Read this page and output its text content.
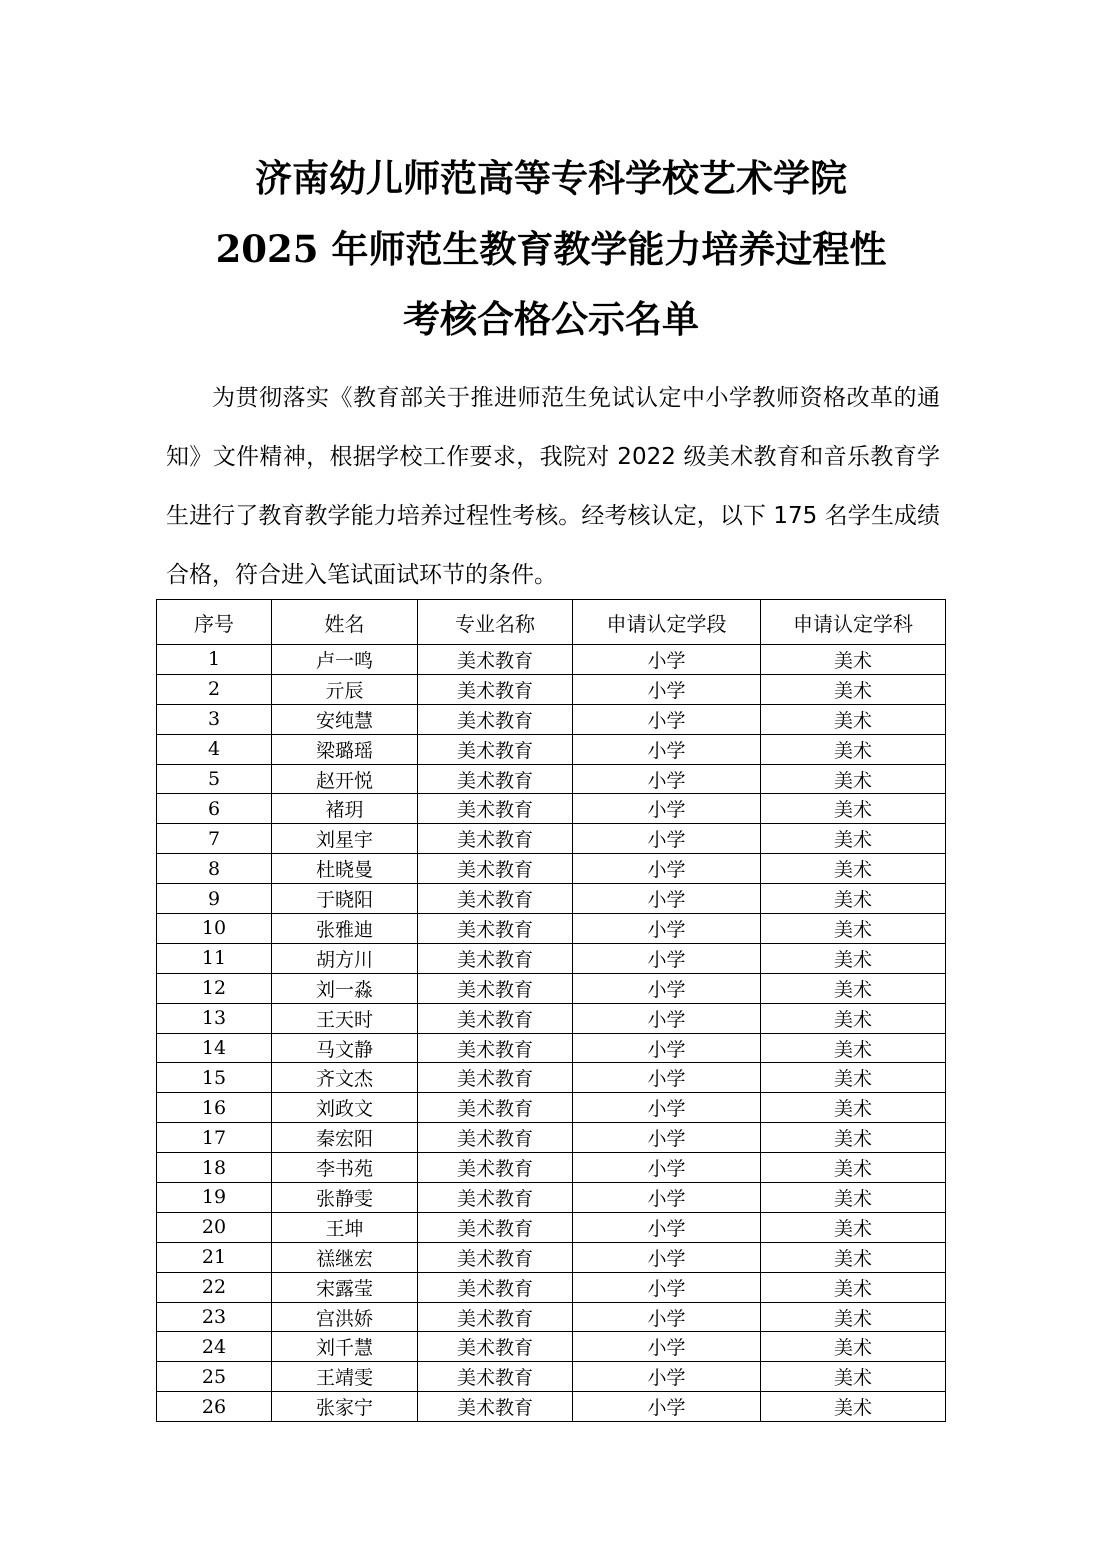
济南幼儿师范高等专科学校艺术学院
2025 年师范生教育教学能力培养过程性
考核合格公示名单

为贯彻落实《教育部关于推进师范生免试认定中小学教师资格改革的通知》文件精神，根据学校工作要求，我院对 2022 级美术教育和音乐教育学生进行了教育教学能力培养过程性考核。经考核认定，以下 175 名学生成绩合格，符合进入笔试面试环节的条件。

序号	姓名	专业名称	申请认定学段	申请认定学科
1	卢一鸣	美术教育	小学	美术
2	亓辰	美术教育	小学	美术
3	安纯慧	美术教育	小学	美术
4	梁璐瑶	美术教育	小学	美术
5	赵开悦	美术教育	小学	美术
6	褚玥	美术教育	小学	美术
7	刘星宇	美术教育	小学	美术
8	杜晓曼	美术教育	小学	美术
9	于晓阳	美术教育	小学	美术
10	张雅迪	美术教育	小学	美术
11	胡方川	美术教育	小学	美术
12	刘一淼	美术教育	小学	美术
13	王天时	美术教育	小学	美术
14	马文静	美术教育	小学	美术
15	齐文杰	美术教育	小学	美术
16	刘政文	美术教育	小学	美术
17	秦宏阳	美术教育	小学	美术
18	李书苑	美术教育	小学	美术
19	张静雯	美术教育	小学	美术
20	王坤	美术教育	小学	美术
21	禚继宏	美术教育	小学	美术
22	宋露莹	美术教育	小学	美术
23	宫洪娇	美术教育	小学	美术
24	刘千慧	美术教育	小学	美术
25	王靖雯	美术教育	小学	美术
26	张家宁	美术教育	小学	美术
